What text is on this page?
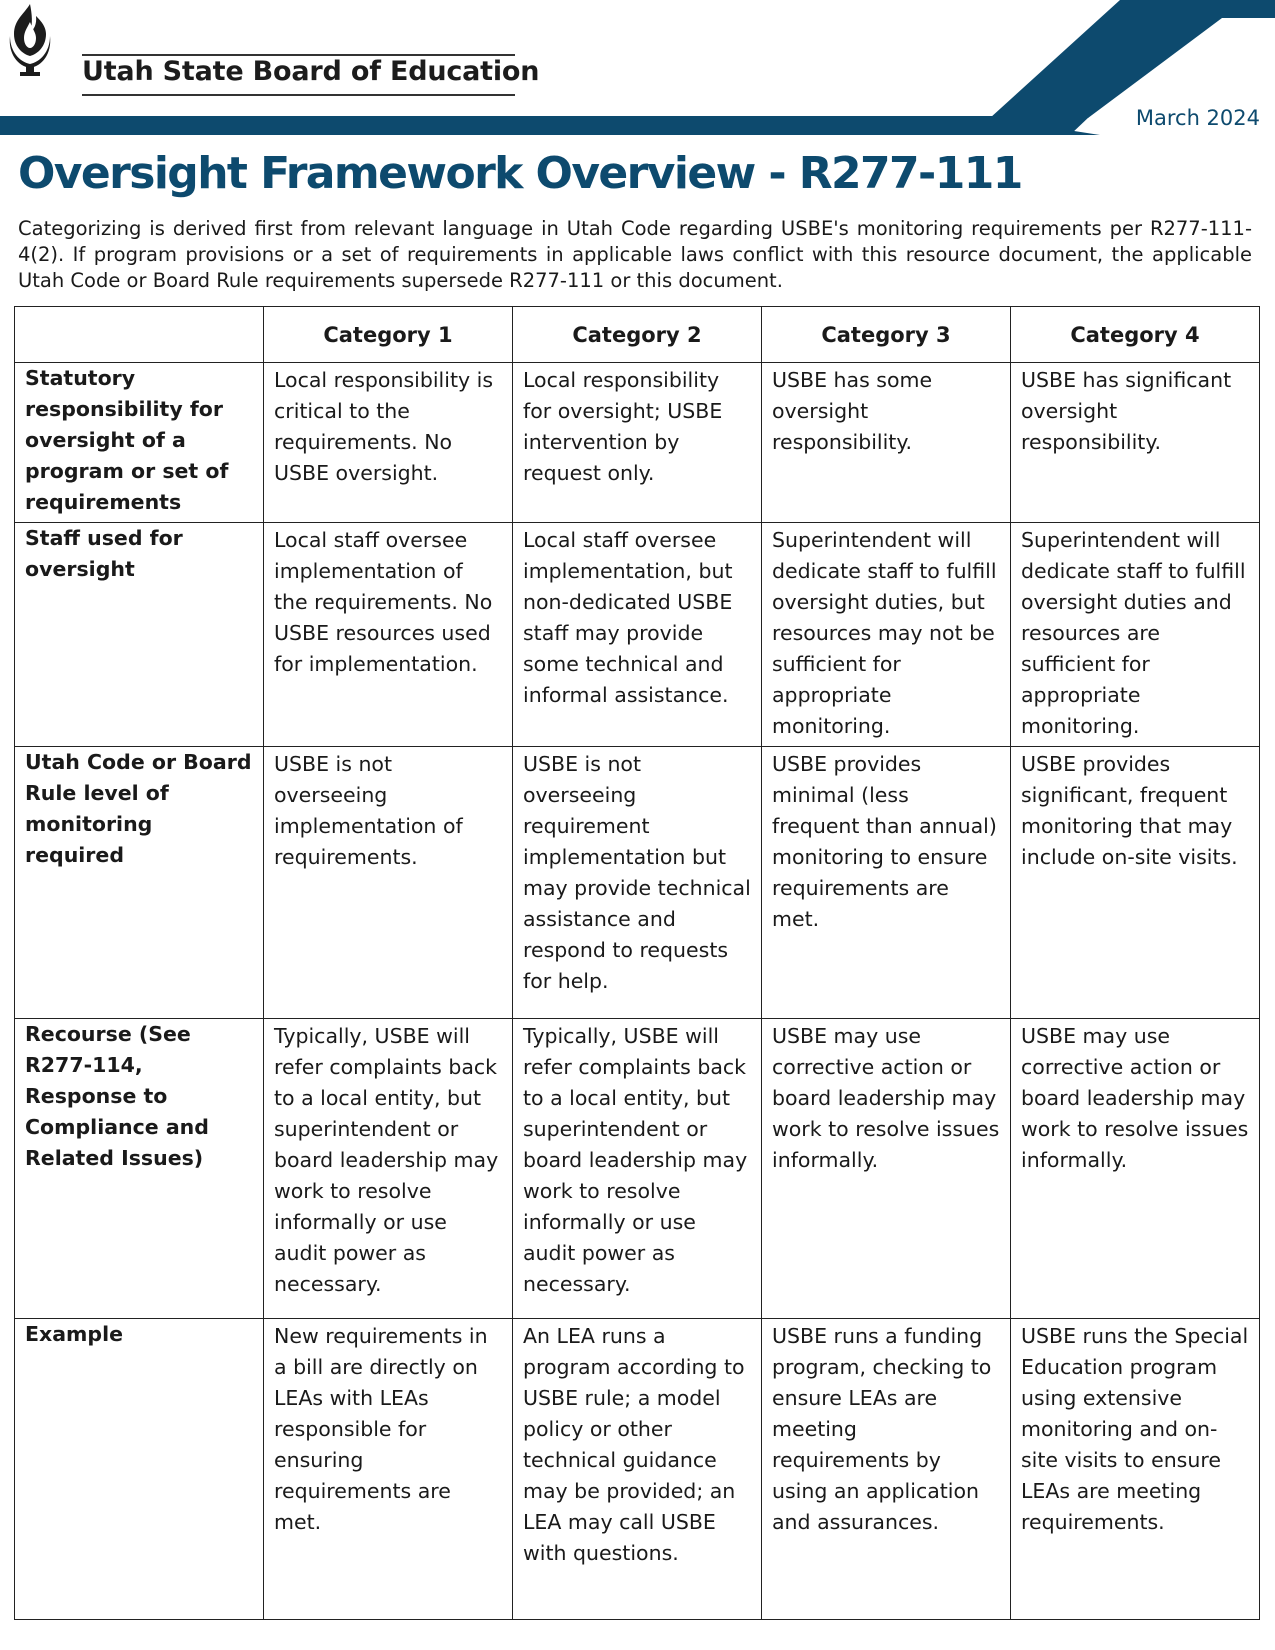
Utah State Board of Education
March 2024
Oversight Framework Overview - R277-111
Categorizing is derived first from relevant language in Utah Code regarding USBE's monitoring requirements per R277-111-4(2). If program provisions or a set of requirements in applicable laws conflict with this resource document, the applicable Utah Code or Board Rule requirements supersede R277-111 or this document.
	Category 1	Category 2	Category 3	Category 4
Statutory responsibility for oversight of a program or set of requirements	Local responsibility is critical to the requirements. No USBE oversight.	Local responsibility for oversight; USBE intervention by request only.	USBE has some oversight responsibility.	USBE has significant oversight responsibility.
Staff used for oversight	Local staff oversee implementation of the requirements. No USBE resources used for implementation.	Local staff oversee implementation, but non-dedicated USBE staff may provide some technical and informal assistance.	Superintendent will dedicate staff to fulfill oversight duties, but resources may not be sufficient for appropriate monitoring.	Superintendent will dedicate staff to fulfill oversight duties and resources are sufficient for appropriate monitoring.
Utah Code or Board Rule level of monitoring required	USBE is not overseeing implementation of requirements.	USBE is not overseeing requirement implementation but may provide technical assistance and respond to requests for help.	USBE provides minimal (less frequent than annual) monitoring to ensure requirements are met.	USBE provides significant, frequent monitoring that may include on-site visits.
Recourse (See R277-114, Response to Compliance and Related Issues)	Typically, USBE will refer complaints back to a local entity, but superintendent or board leadership may work to resolve informally or use audit power as necessary.	Typically, USBE will refer complaints back to a local entity, but superintendent or board leadership may work to resolve informally or use audit power as necessary.	USBE may use corrective action or board leadership may work to resolve issues informally.	USBE may use corrective action or board leadership may work to resolve issues informally.
Example	New requirements in a bill are directly on LEAs with LEAs responsible for ensuring requirements are met.	An LEA runs a program according to USBE rule; a model policy or other technical guidance may be provided; an LEA may call USBE with questions.	USBE runs a funding program, checking to ensure LEAs are meeting requirements by using an application and assurances.	USBE runs the Special Education program using extensive monitoring and on-site visits to ensure LEAs are meeting requirements.
